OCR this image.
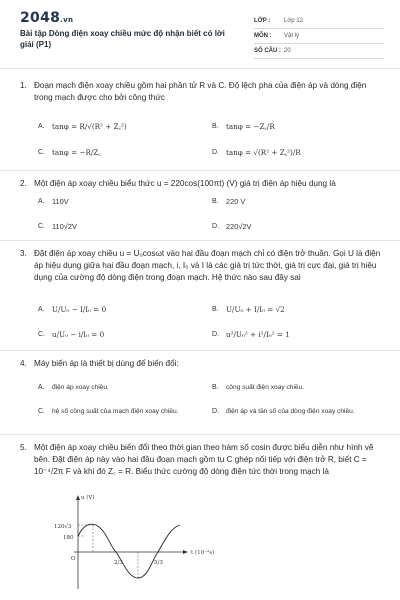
2048.vn
Bài tập Dòng điện xoay chiều mức độ nhận biết có lời giải (P1)
LỚP : Lớp 12
MÔN : Vật lý
SỐ CÂU : 20
1. Đoạn mạch điện xoay chiều gồm hai phần tử R và C. Độ lệch pha của điện áp và dòng điện trong mạch được cho bởi công thức
A. tanφ = R/√(R² + Z꜀²)	B. tanφ = −Z꜀/R
C. tanφ = −R/Z꜀	D. tanφ = √(R² + Z꜀²)/R
2. Một điện áp xoay chiều biểu thức u = 220cos(100πt) (V) giá trị điện áp hiệu dụng là
A. 110V	B. 220 V
C. 110√2V	D. 220√2V
3. Đặt điện áp xoay chiều u = U₀cosωt vào hai đầu đoạn mạch chỉ có điện trở thuần. Gọi U là điện áp hiệu dụng giữa hai đầu đoạn mạch, i, I₀ và I là các giá trị tức thời, giá trị cực đại, giá trị hiệu dụng của cường độ dòng điện trong đoạn mạch. Hệ thức nào sau đây sai
A. U/U₀ − I/I₀ = 0	B. U/U₀ + I/I₀ = √2
C. u/U₀ − i/I₀ = 0	D. u²/U₀² + i²/I₀² = 1
4. Máy biến áp là thiết bị dùng để biến đổi:
A. điện áp xoay chiều.	B. công suất điện xoay chiều.
C. hệ số công suất của mạch điện xoay chiều.	D. điện áp và tần số của dòng điện xoay chiều.
5. Một điện áp xoay chiều biến đổi theo thời gian theo hàm số cosin được biểu diễn như hình vẽ bên. Đặt điện áp này vào hai đầu đoạn mạch gồm tụ C ghép nối tiếp với điện trở R, biết C = 10⁻⁴/2π F và khi đó Z꜀ = R. Biểu thức cường độ dòng điện tức thời trong mạch là
u (V)
t (10⁻²s)
120√3
180
O
2/3	5/3
